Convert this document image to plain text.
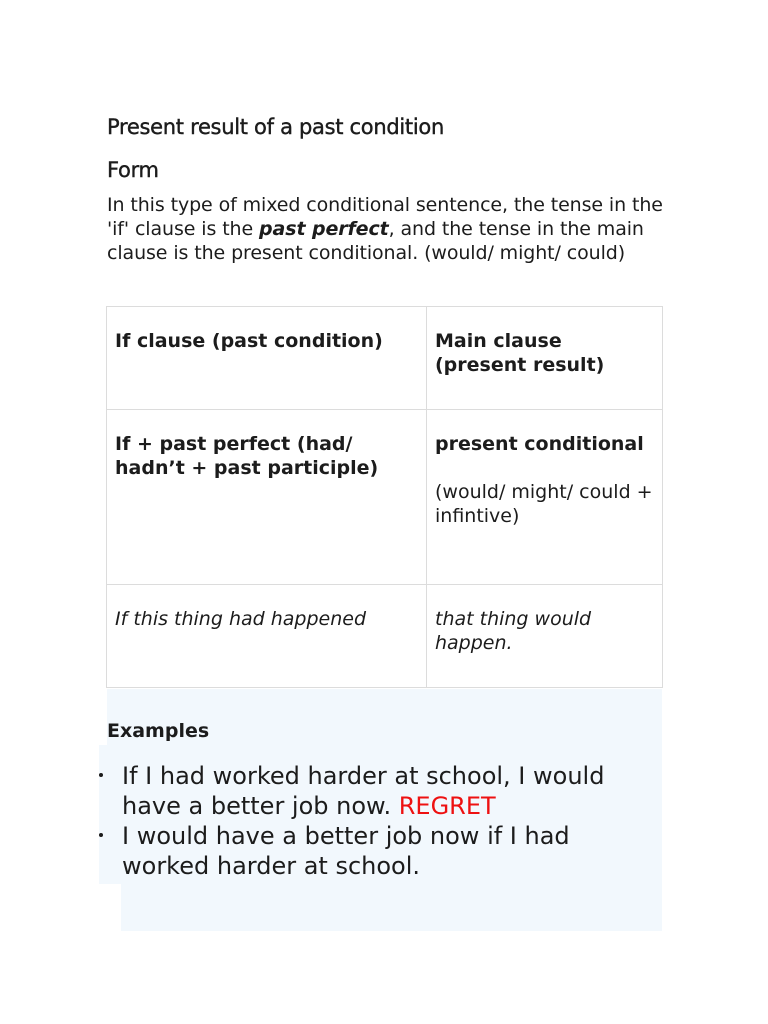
Present result of a past condition
Form

In this type of mixed conditional sentence, the tense in the 'if' clause is the past perfect, and the tense in the main clause is the present conditional. (would/ might/ could)

If clause (past condition)	Main clause (present result)

If + past perfect (had/ hadn’t + past participle)	present conditional
(would/ might/ could + infintive)

If this thing had happened	that thing would happen.
Examples
If I had worked harder at school, I would have a better job now. REGRET
I would have a better job now if I had worked harder at school.
